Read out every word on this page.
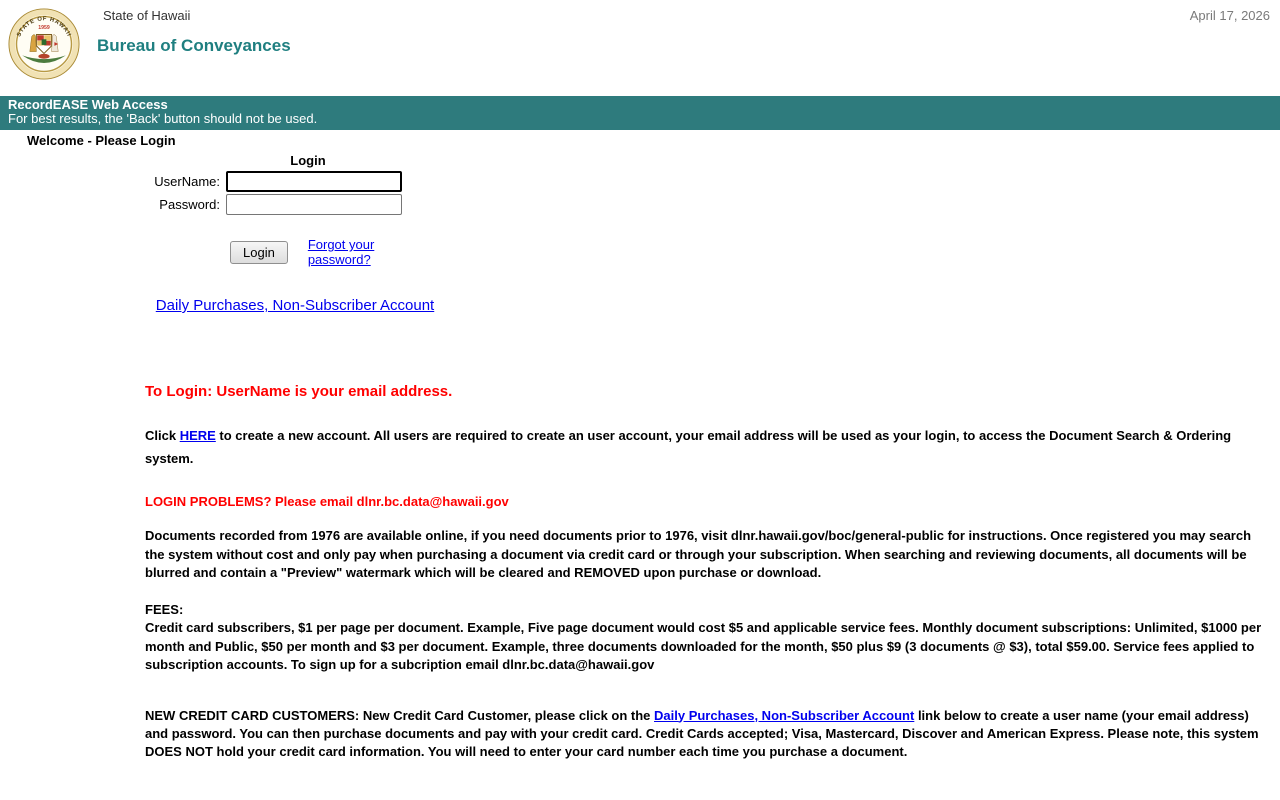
STATE OF HAWAII
1959
State of Hawaii
Bureau of Conveyances
April 17, 2026
RecordEASE Web Access
For best results, the 'Back' button should not be used.
Welcome - Please Login
Login
UserName:
Password:
Login	Forgot your password?
Daily Purchases, Non-Subscriber Account

To Login: UserName is your email address.

Click HERE to create a new account. All users are required to create an user account, your email address will be used as your login, to access the Document Search & Ordering system.

LOGIN PROBLEMS? Please email dlnr.bc.data@hawaii.gov

Documents recorded from 1976 are available online, if you need documents prior to 1976, visit dlnr.hawaii.gov/boc/general-public for instructions. Once registered you may search the system without cost and only pay when purchasing a document via credit card or through your subscription. When searching and reviewing documents, all documents will be blurred and contain a "Preview" watermark which will be cleared and REMOVED upon purchase or download.

FEES:
Credit card subscribers, $1 per page per document. Example, Five page document would cost $5 and applicable service fees. Monthly document subscriptions: Unlimited, $1000 per month and Public, $50 per month and $3 per document. Example, three documents downloaded for the month, $50 plus $9 (3 documents @ $3), total $59.00. Service fees applied to subscription accounts. To sign up for a subcription email dlnr.bc.data@hawaii.gov

NEW CREDIT CARD CUSTOMERS: New Credit Card Customer, please click on the Daily Purchases, Non-Subscriber Account link below to create a user name (your email address) and password. You can then purchase documents and pay with your credit card. Credit Cards accepted; Visa, Mastercard, Discover and American Express. Please note, this system DOES NOT hold your credit card information. You will need to enter your card number each time you purchase a document.
